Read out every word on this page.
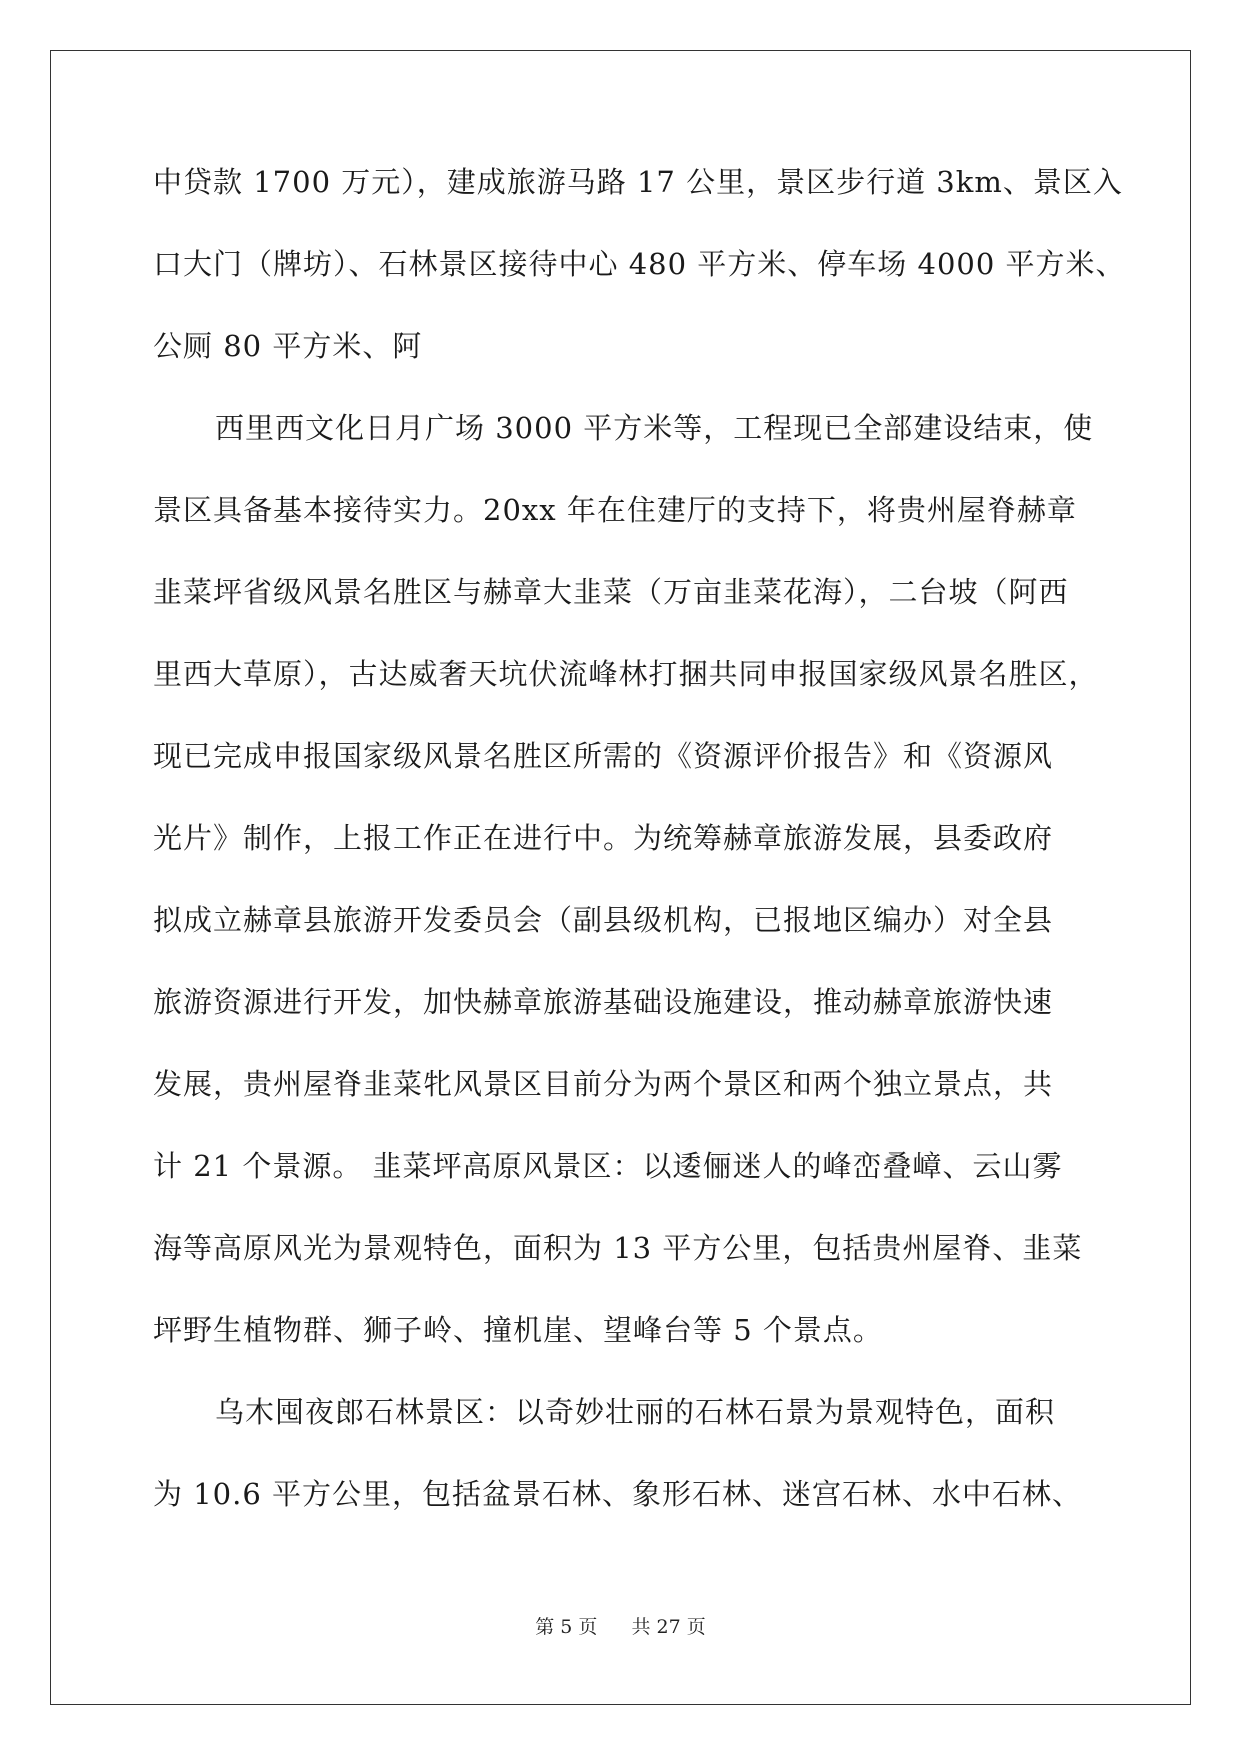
中贷款 1700 万元），建成旅游马路 17 公里，景区步行道 3km、景区入
口大门（牌坊）、石林景区接待中心 480 平方米、停车场 4000 平方米、
公厕 80 平方米、阿
西里西文化日月广场 3000 平方米等，工程现已全部建设结束，使
景区具备基本接待实力。20xx 年在住建厅的支持下，将贵州屋脊赫章
韭菜坪省级风景名胜区与赫章大韭菜（万亩韭菜花海），二台坡（阿西
里西大草原），古达威奢天坑伏流峰林打捆共同申报国家级风景名胜区，
现已完成申报国家级风景名胜区所需的《资源评价报告》和《资源风
光片》制作，上报工作正在进行中。为统筹赫章旅游发展，县委政府
拟成立赫章县旅游开发委员会（副县级机构，已报地区编办）对全县
旅游资源进行开发，加快赫章旅游基础设施建设，推动赫章旅游快速
发展，贵州屋脊韭菜牝风景区目前分为两个景区和两个独立景点，共
计 21 个景源。 韭菜坪高原风景区：以逶俪迷人的峰峦叠嶂、云山雾
海等高原风光为景观特色，面积为 13 平方公里，包括贵州屋脊、韭菜
坪野生植物群、狮子岭、撞机崖、望峰台等 5 个景点。
乌木囤夜郎石林景区：以奇妙壮丽的石林石景为景观特色，面积
为 10.6 平方公里，包括盆景石林、象形石林、迷宫石林、水中石林、
第 5 页 共 27 页
